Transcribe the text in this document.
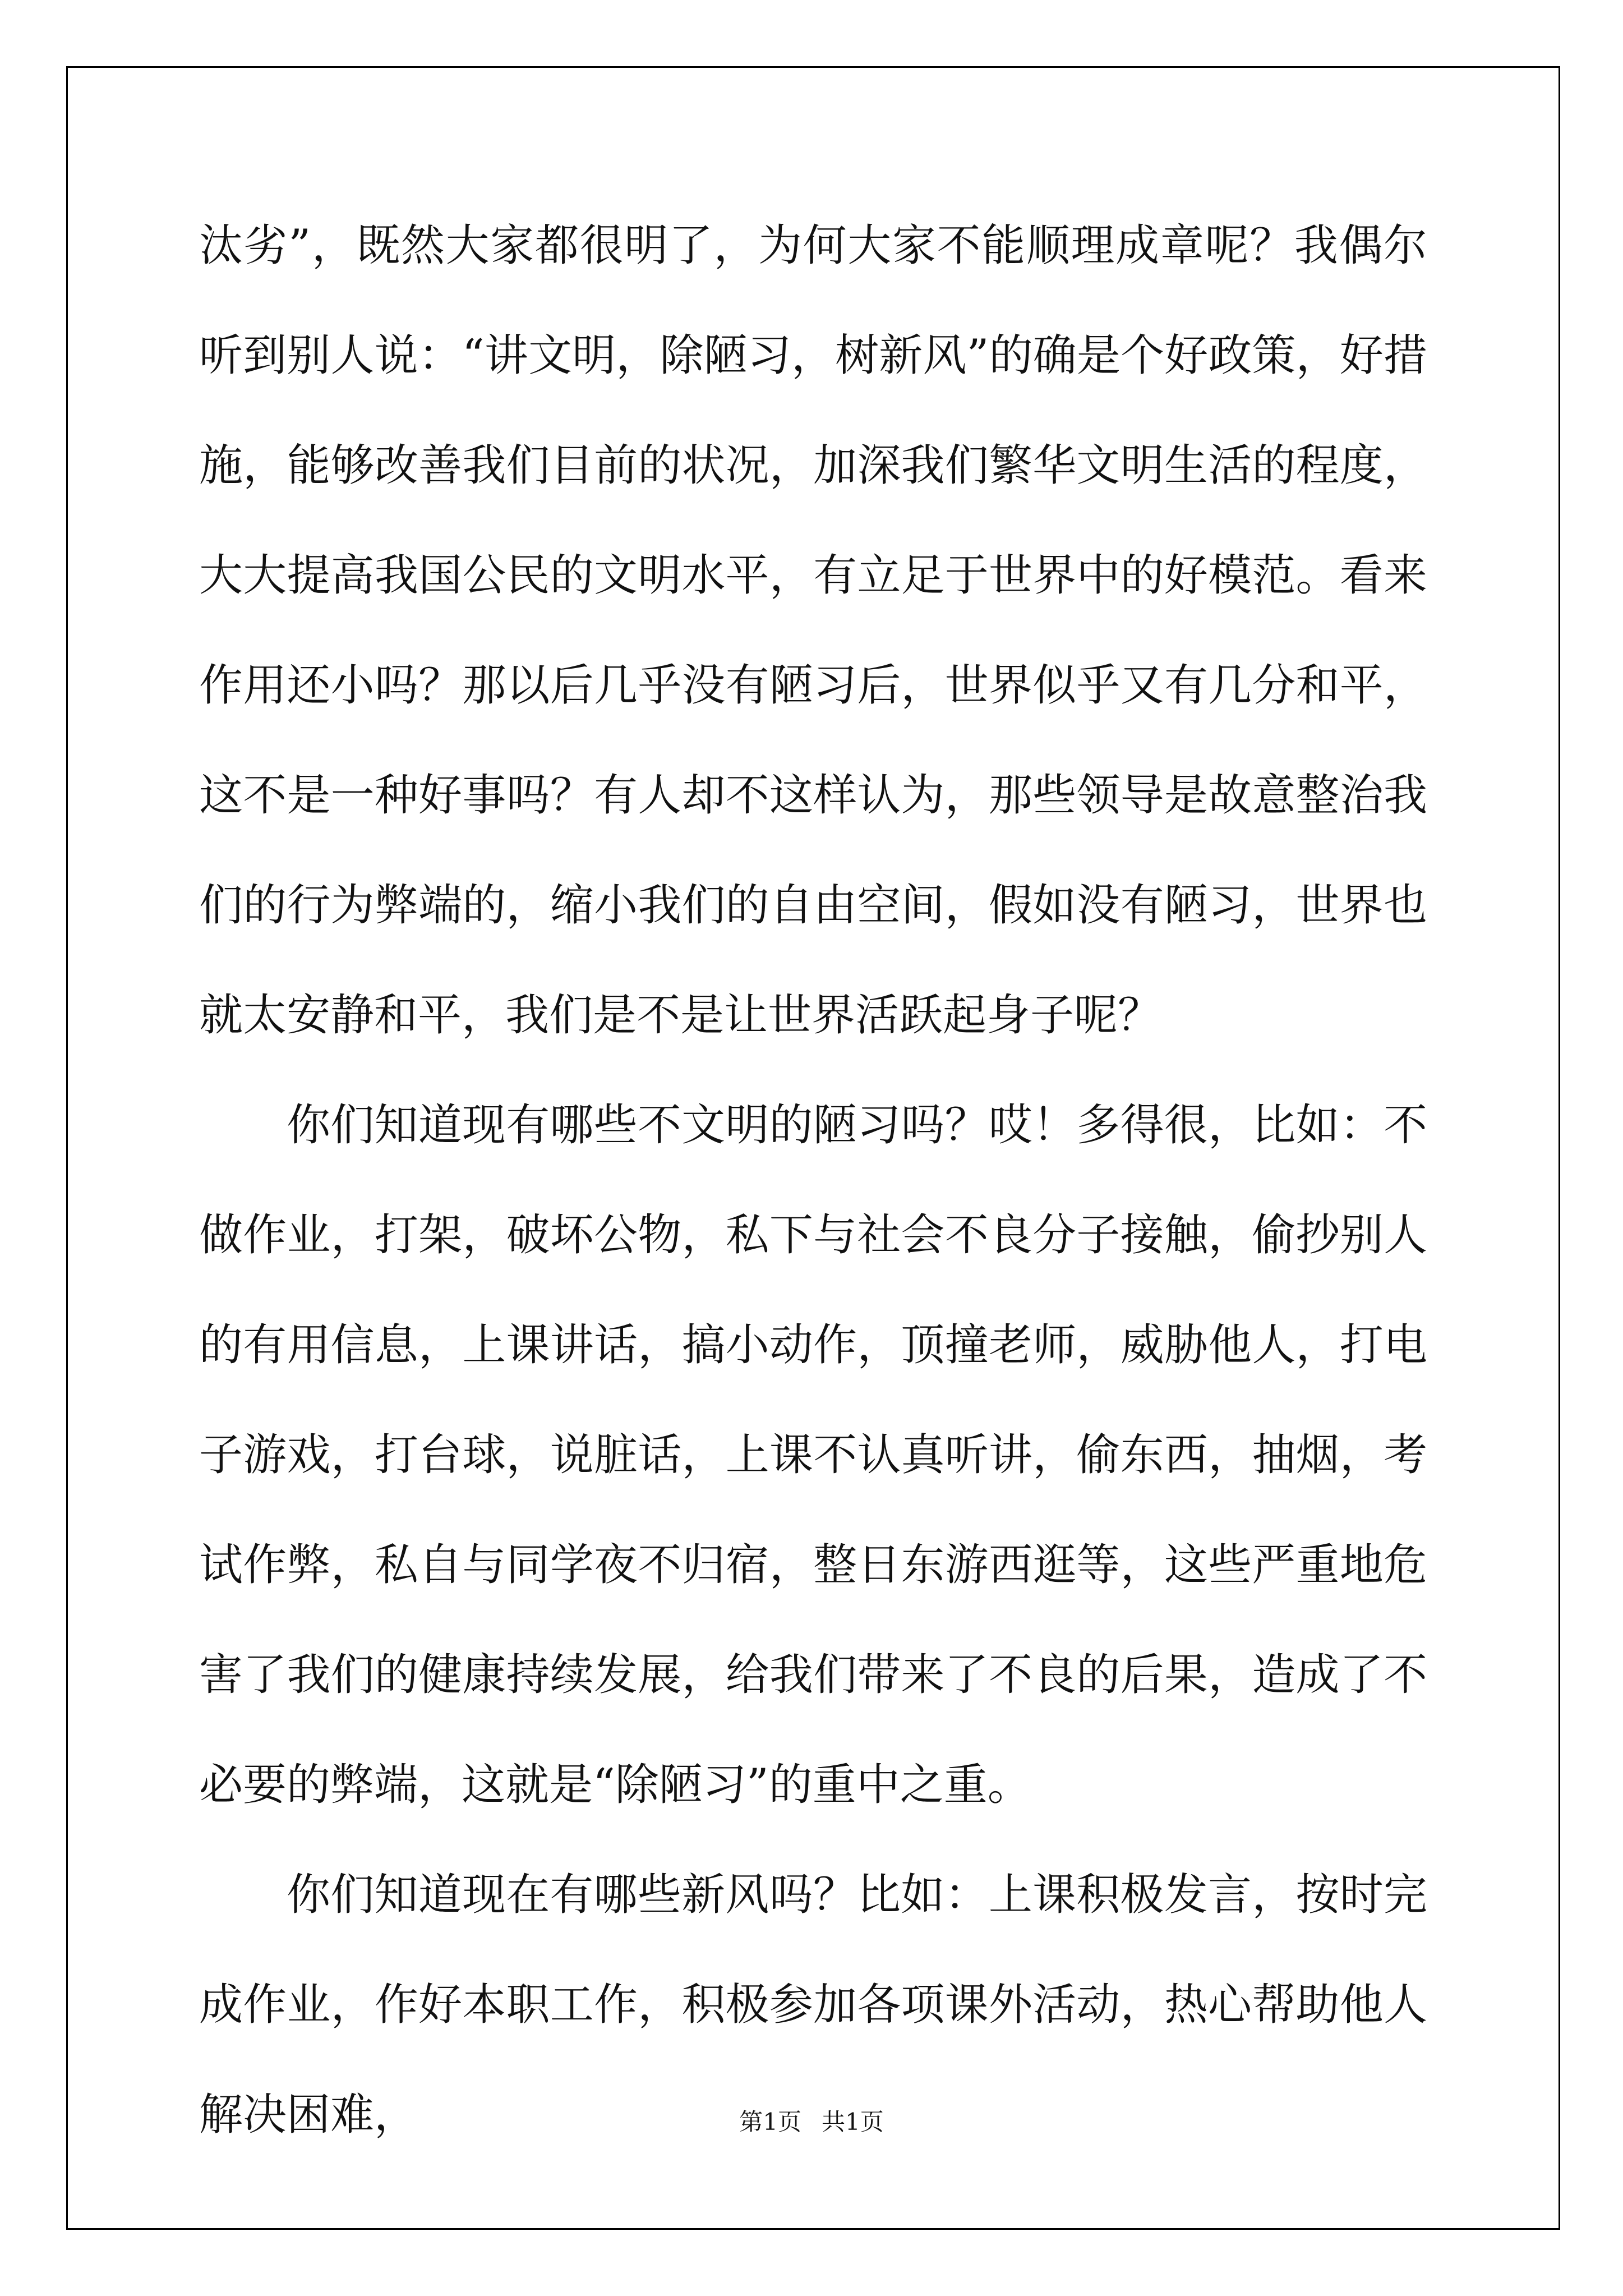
汰劣”，既然大家都很明了，为何大家不能顺理成章呢？我偶尔听到别人说：“讲文明，除陋习，树新风”的确是个好政策，好措施，能够改善我们目前的状况，加深我们繁华文明生活的程度，大大提高我国公民的文明水平，有立足于世界中的好模范。看来作用还小吗？那以后几乎没有陋习后，世界似乎又有几分和平，这不是一种好事吗？有人却不这样认为，那些领导是故意整治我们的行为弊端的，缩小我们的自由空间，假如没有陋习，世界也就太安静和平，我们是不是让世界活跃起身子呢？

你们知道现有哪些不文明的陋习吗？哎！多得很，比如：不做作业，打架，破坏公物，私下与社会不良分子接触，偷抄别人的有用信息，上课讲话，搞小动作，顶撞老师，威胁他人，打电子游戏，打台球，说脏话，上课不认真听讲，偷东西，抽烟，考试作弊，私自与同学夜不归宿，整日东游西逛等，这些严重地危害了我们的健康持续发展，给我们带来了不良的后果，造成了不必要的弊端，这就是“除陋习”的重中之重。

你们知道现在有哪些新风吗？比如：上课积极发言，按时完成作业，作好本职工作，积极参加各项课外活动，热心帮助他人解决困难，	第1页 共1页
